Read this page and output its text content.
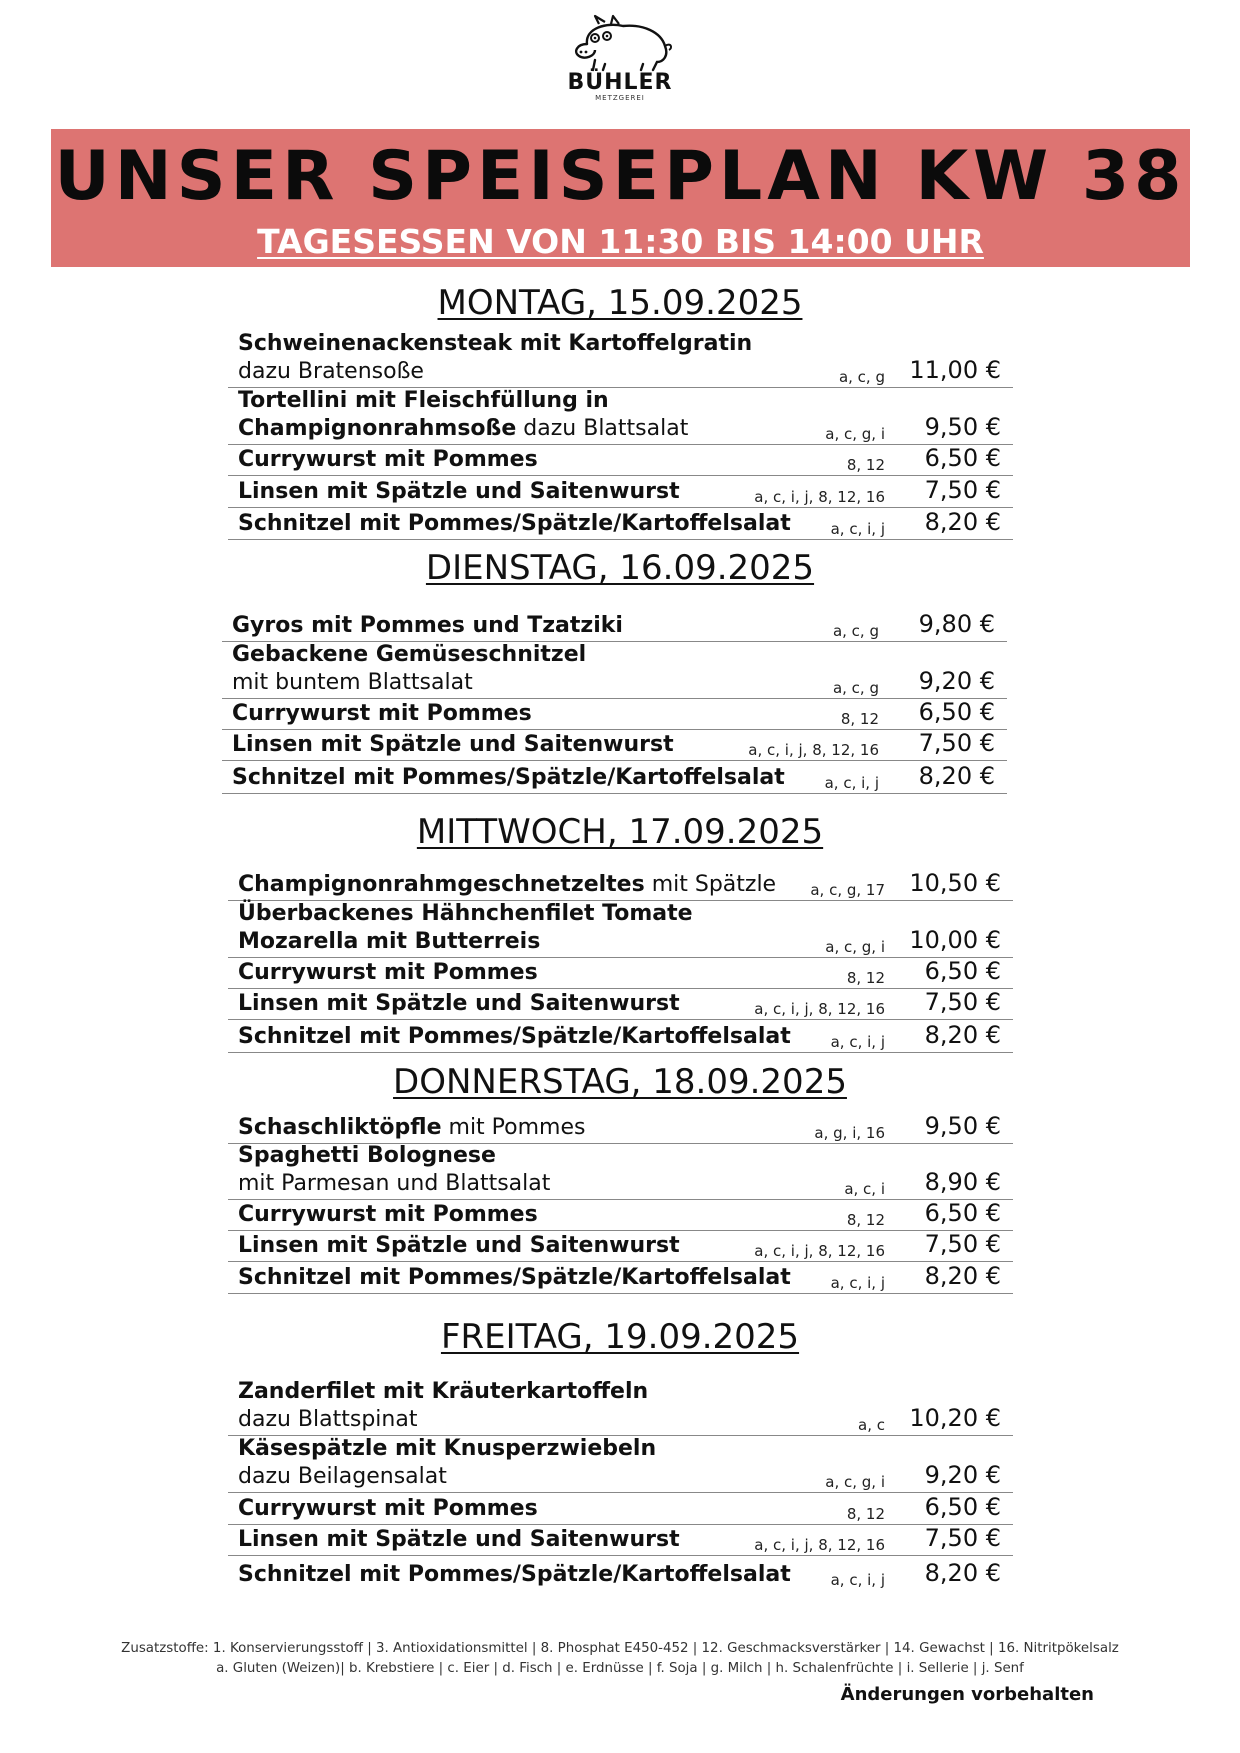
BÜHLER
METZGEREI
UNSER SPEISEPLAN KW 38
TAGESESSEN VON 11:30 BIS 14:00 UHR
MONTAG, 15.09.2025
Schweinenackensteak mit Kartoffelgratin
dazu Bratensoße	a, c, g 11,00 €
Tortellini mit Fleischfüllung in
Champignonrahmsoße dazu Blattsalat	a, c, g, i 9,50 €
Currywurst mit Pommes	8, 12 6,50 €
Linsen mit Spätzle und Saitenwurst	a, c, i, j, 8, 12, 16 7,50 €
Schnitzel mit Pommes/Spätzle/Kartoffelsalat	a, c, i, j 8,20 €
DIENSTAG, 16.09.2025
Gyros mit Pommes und Tzatziki	a, c, g 9,80 €
Gebackene Gemüseschnitzel
mit buntem Blattsalat	a, c, g 9,20 €
Currywurst mit Pommes	8, 12 6,50 €
Linsen mit Spätzle und Saitenwurst	a, c, i, j, 8, 12, 16 7,50 €
Schnitzel mit Pommes/Spätzle/Kartoffelsalat	a, c, i, j 8,20 €
MITTWOCH, 17.09.2025
Champignonrahmgeschnetzeltes mit Spätzle a, c, g, 17 10,50 €
Überbackenes Hähnchenfilet Tomate
Mozarella mit Butterreis	a, c, g, i 10,00 €
Currywurst mit Pommes	8, 12 6,50 €
Linsen mit Spätzle und Saitenwurst	a, c, i, j, 8, 12, 16 7,50 €
Schnitzel mit Pommes/Spätzle/Kartoffelsalat	a, c, i, j 8,20 €
DONNERSTAG, 18.09.2025
Schaschliktöpfle mit Pommes	a, g, i, 16 9,50 €
Spaghetti Bolognese
mit Parmesan und Blattsalat	a, c, i 8,90 €
Currywurst mit Pommes	8, 12 6,50 €
Linsen mit Spätzle und Saitenwurst	a, c, i, j, 8, 12, 16 7,50 €
Schnitzel mit Pommes/Spätzle/Kartoffelsalat	a, c, i, j 8,20 €
FREITAG, 19.09.2025
Zanderfilet mit Kräuterkartoffeln
dazu Blattspinat	a, c 10,20 €
Käsespätzle mit Knusperzwiebeln
dazu Beilagensalat	a, c, g, i 9,20 €
Currywurst mit Pommes	8, 12 6,50 €
Linsen mit Spätzle und Saitenwurst	a, c, i, j, 8, 12, 16 7,50 €
Schnitzel mit Pommes/Spätzle/Kartoffelsalat	a, c, i, j 8,20 €
Zusatzstoffe: 1. Konservierungsstoff | 3. Antioxidationsmittel | 8. Phosphat E450-452 | 12. Geschmacksverstärker | 14. Gewachst | 16. Nitritpökelsalz
a. Gluten (Weizen)| b. Krebstiere | c. Eier | d. Fisch | e. Erdnüsse | f. Soja | g. Milch | h. Schalenfrüchte | i. Sellerie | j. Senf
Änderungen vorbehalten
